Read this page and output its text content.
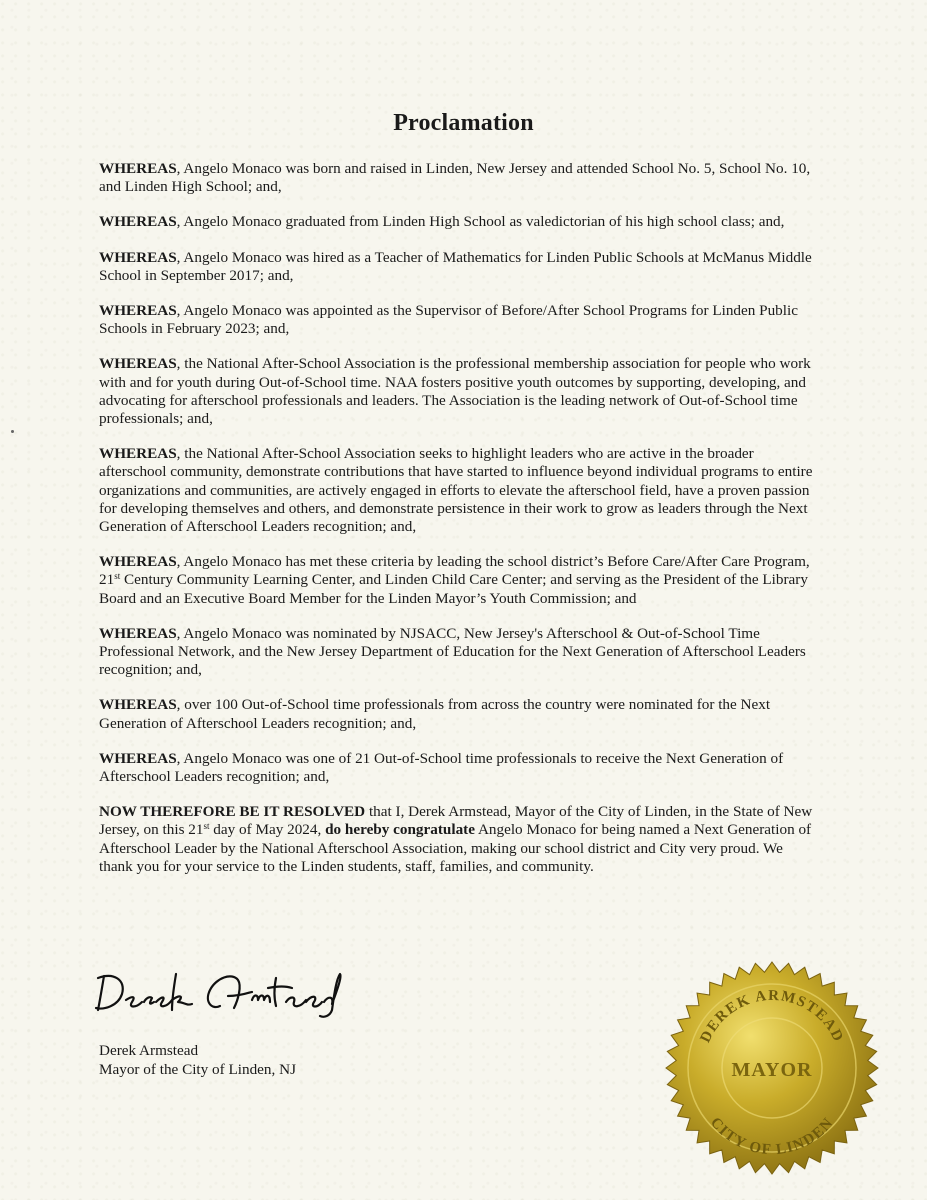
Proclamation

WHEREAS, Angelo Monaco was born and raised in Linden, New Jersey and attended School No. 5, School No. 10, and Linden High School; and,

WHEREAS, Angelo Monaco graduated from Linden High School as valedictorian of his high school class; and,

WHEREAS, Angelo Monaco was hired as a Teacher of Mathematics for Linden Public Schools at McManus Middle School in September 2017; and,

WHEREAS, Angelo Monaco was appointed as the Supervisor of Before/After School Programs for Linden Public Schools in February 2023; and,

WHEREAS, the National After-School Association is the professional membership association for people who work with and for youth during Out-of-School time. NAA fosters positive youth outcomes by supporting, developing, and advocating for afterschool professionals and leaders. The Association is the leading network of Out-of-School time professionals; and,

WHEREAS, the National After-School Association seeks to highlight leaders who are active in the broader afterschool community, demonstrate contributions that have started to influence beyond individual programs to entire organizations and communities, are actively engaged in efforts to elevate the afterschool field, have a proven passion for developing themselves and others, and demonstrate persistence in their work to grow as leaders through the Next Generation of Afterschool Leaders recognition; and,

WHEREAS, Angelo Monaco has met these criteria by leading the school district’s Before Care/After Care Program, 21st Century Community Learning Center, and Linden Child Care Center; and serving as the President of the Library Board and an Executive Board Member for the Linden Mayor’s Youth Commission; and

WHEREAS, Angelo Monaco was nominated by NJSACC, New Jersey's Afterschool & Out-of-School Time Professional Network, and the New Jersey Department of Education for the Next Generation of Afterschool Leaders recognition; and,

WHEREAS, over 100 Out-of-School time professionals from across the country were nominated for the Next Generation of Afterschool Leaders recognition; and,

WHEREAS, Angelo Monaco was one of 21 Out-of-School time professionals to receive the Next Generation of Afterschool Leaders recognition; and,

NOW THEREFORE BE IT RESOLVED that I, Derek Armstead, Mayor of the City of Linden, in the State of New Jersey, on this 21st day of May 2024, do hereby congratulate Angelo Monaco for being named a Next Generation of Afterschool Leader by the National Afterschool Association, making our school district and City very proud. We thank you for your service to the Linden students, staff, families, and community.

Derek Armstead
Mayor of the City of Linden, NJ
DEREK ARMSTEAD
MAYOR
CITY OF LINDEN
